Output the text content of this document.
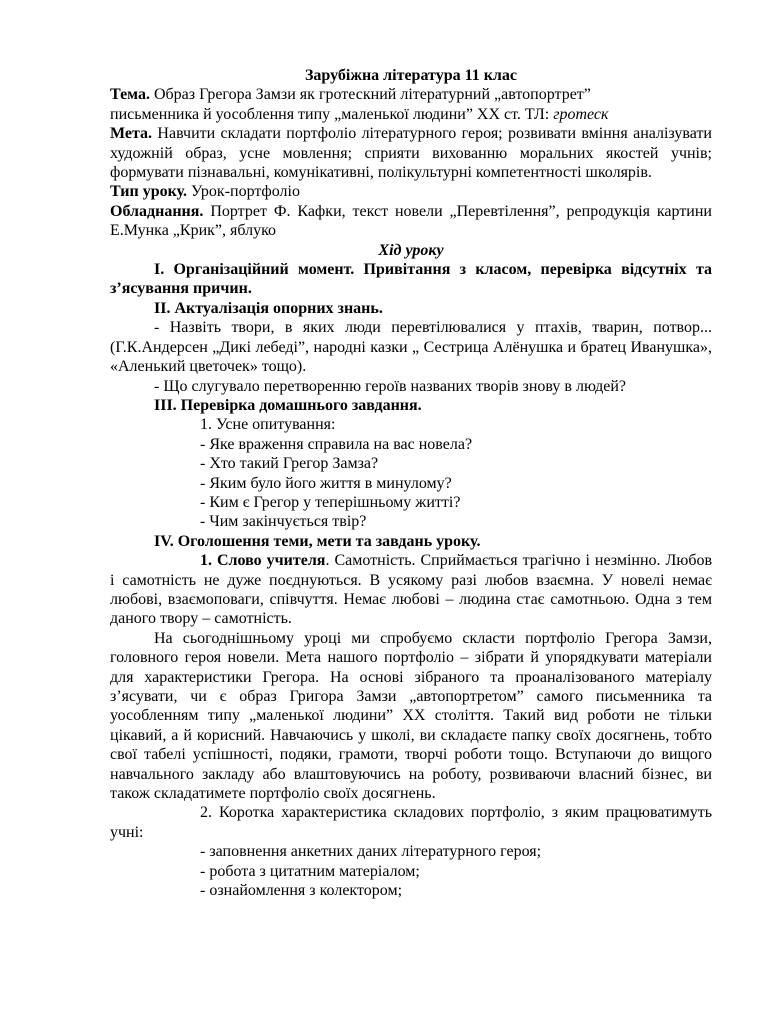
Зарубіжна література 11 клас

Тема. Образ Грегора Замзи як гротескний літературний „автопортрет”

письменника й уособлення типу „маленької людини” XX ст. ТЛ: гротеск

Мета. Навчити складати портфоліо літературного героя; розвивати вміння аналізувати художній образ, усне мовлення; сприяти вихованню моральних якостей учнів; формувати пізнавальні, комунікативні, полікультурні компетентності школярів.

Тип уроку. Урок-портфоліо

Обладнання. Портрет Ф. Кафки, текст новели „Перевтілення”, репродукція картини Е.Мунка „Крик”, яблуко

Хід уроку

I. Організаційний момент. Привітання з класом, перевірка відсутніх та з’ясування причин.

II. Актуалізація опорних знань.

- Назвіть твори, в яких люди перевтілювалися у птахів, тварин, потвор... (Г.К.Андерсен „Дикі лебеді”, народні казки „ Сестрица Алёнушка и братец Иванушка», «Аленький цветочек» тощо).

- Що слугувало перетворенню героїв названих творів знову в людей?

III. Перевірка домашнього завдання.

1. Усне опитування:

- Яке враження справила на вас новела?

- Хто такий Грегор Замза?

- Яким було його життя в минулому?

- Ким є Грегор у теперішньому житті?

- Чим закінчується твір?

IV. Оголошення теми, мети та завдань уроку.

1. Слово учителя. Самотність. Сприймається трагічно і незмінно. Любов і самотність не дуже поєднуються. В усякому разі любов взаємна. У новелі немає любові, взаємоповаги, співчуття. Немає любові – людина стає самотньою. Одна з тем даного твору – самотність.

На сьогоднішньому уроці ми спробуємо скласти портфоліо Грегора Замзи, головного героя новели. Мета нашого портфоліо – зібрати й упорядкувати матеріали для характеристики Грегора. На основі зібраного та проаналізованого матеріалу з’ясувати, чи є образ Григора Замзи „автопортретом” самого письменника та уособленням типу „маленької людини” XX століття. Такий вид роботи не тільки цікавий, а й корисний. Навчаючись у школі, ви складаєте папку своїх досягнень, тобто свої табелі успішності, подяки, грамоти, творчі роботи тощо. Вступаючи до вищого навчального закладу або влаштовуючись на роботу, розвиваючи власний бізнес, ви також складатимете портфоліо своїх досягнень.

2. Коротка характеристика складових портфоліо, з яким працюватимуть учні:

- заповнення анкетних даних літературного героя;

- робота з цитатним матеріалом;

- ознайомлення з колектором;
